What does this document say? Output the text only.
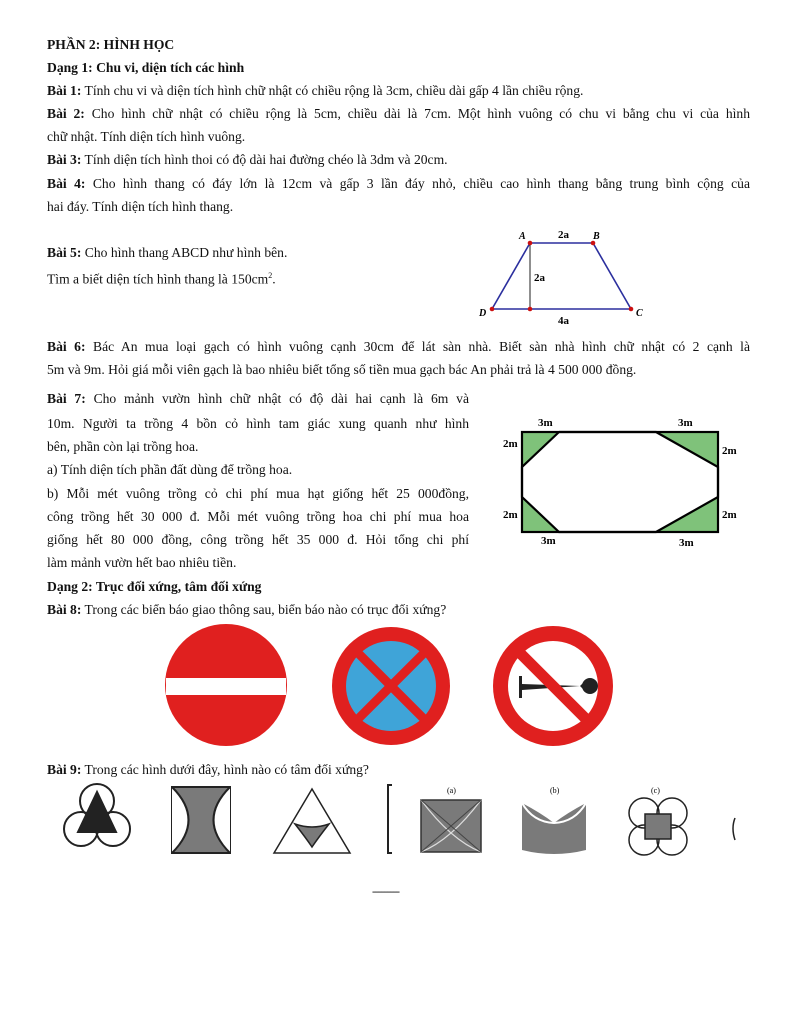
PHẦN 2: HÌNH HỌC
Dạng 1: Chu vi, diện tích các hình
Bài 1: Tính chu vi và diện tích hình chữ nhật có chiều rộng là 3cm, chiều dài gấp 4 lần chiều rộng.
Bài 2: Cho hình chữ nhật có chiều rộng là 5cm, chiều dài là 7cm. Một hình vuông có chu vi bằng chu vi của hình
chữ nhật. Tính diện tích hình vuông.
Bài 3: Tính diện tích hình thoi có độ dài hai đường chéo là 3dm và 20cm.
Bài 4: Cho hình thang có đáy lớn là 12cm và gấp 3 lần đáy nhỏ, chiều cao hình thang bằng trung bình cộng của
hai đáy. Tính diện tích hình thang.
Bài 5: Cho hình thang ABCD như hình bên.
Tìm a biết diện tích hình thang là $150cm^2$.
A	B
D	C
2a
2a
4a
Bài 6: Bác An mua loại gạch có hình vuông cạnh 30cm để lát sàn nhà. Biết sàn nhà hình chữ nhật có 2 cạnh là
5m và 9m. Hỏi giá mỗi viên gạch là bao nhiêu biết tổng số tiền mua gạch bác An phải trả là 4 500 000 đồng.
Bài 7: Cho mảnh vườn hình chữ nhật có độ dài hai cạnh là 6m và
10m. Người ta trồng 4 bồn cỏ hình tam giác xung quanh như hình
bên, phần còn lại trồng hoa.
a) Tính diện tích phần đất dùng để trồng hoa.
b) Mỗi mét vuông trồng cỏ chi phí mua hạt giống hết 25 000đồng,
công trồng hết 30 000 đ. Mỗi mét vuông trồng hoa chi phí mua hoa
giống hết 80 000 đồng, công trồng hết 35 000 đ. Hỏi tổng chi phí
làm mảnh vườn hết bao nhiêu tiền.
3m	3m
2m
2m
2m	2m
3m	3m
Dạng 2: Trục đối xứng, tâm đối xứng
Bài 8: Trong các biển báo giao thông sau, biển báo nào có trục đối xứng?
Bài 9: Trong các hình dưới đây, hình nào có tâm đối xứng?
(a)	(b)	(c)
---------
